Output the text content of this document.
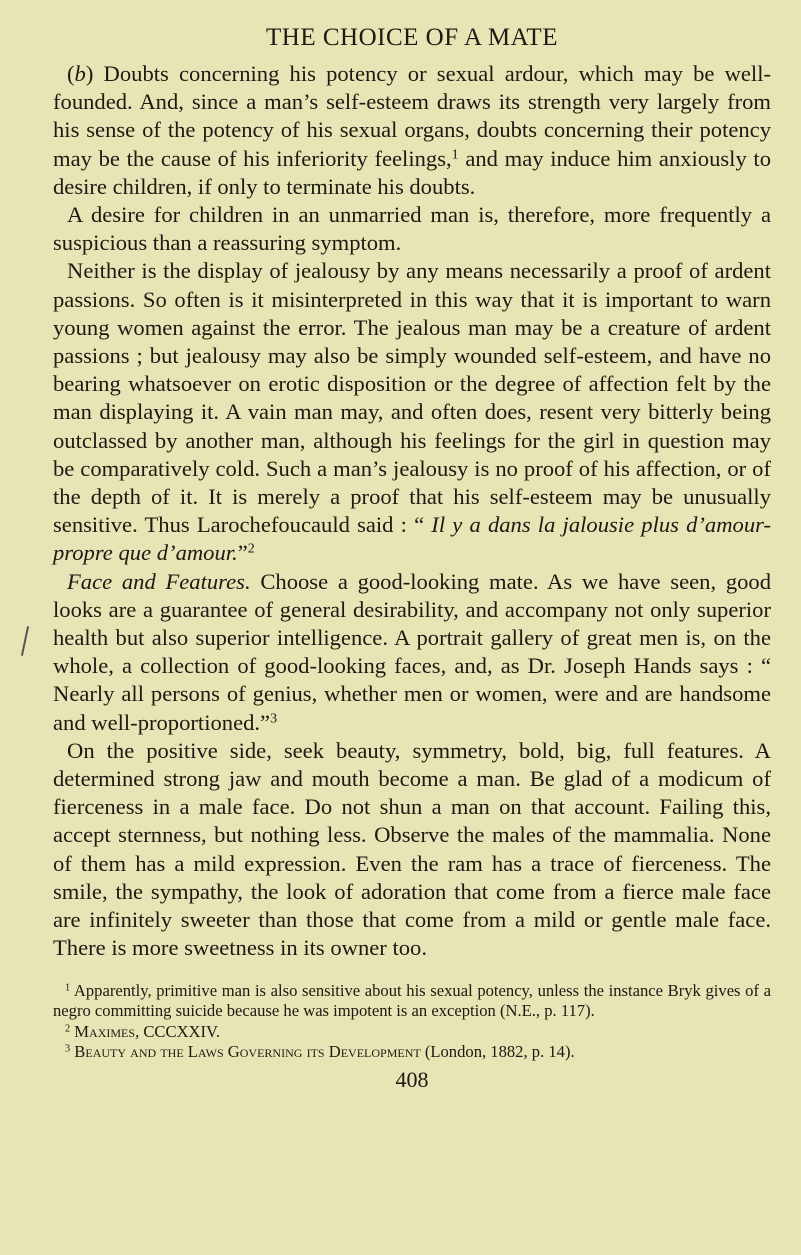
THE CHOICE OF A MATE

(b) Doubts concerning his potency or sexual ardour, which may be well-founded. And, since a man’s self-esteem draws its strength very largely from his sense of the potency of his sexual organs, doubts concerning their potency may be the cause of his inferiority feelings,$^1$ and may induce him anxiously to desire children, if only to terminate his doubts.

A desire for children in an unmarried man is, therefore, more frequently a suspicious than a reassuring symptom.

Neither is the display of jealousy by any means necessarily a proof of ardent passions. So often is it misinterpreted in this way that it is important to warn young women against the error. The jealous man may be a creature of ardent passions ; but jealousy may also be simply wounded self-esteem, and have no bearing whatsoever on erotic disposition or the degree of affection felt by the man displaying it. A vain man may, and often does, resent very bitterly being outclassed by another man, although his feelings for the girl in question may be comparatively cold. Such a man’s jealousy is no proof of his affection, or of the depth of it. It is merely a proof that his self-esteem may be unusually sensitive. Thus Larochefoucauld said : “ Il y a dans la jalousie plus d’amour-propre que d’amour.”$^2$

Face and Features. Choose a good-looking mate. As we have seen, good looks are a guarantee of general desirability, and accompany not only superior health but also superior intelligence. A portrait gallery of great men is, on the whole, a collection of good-looking faces, and, as Dr. Joseph Hands says : “ Nearly all persons of genius, whether men or women, were and are handsome and well-proportioned.”$^3$

On the positive side, seek beauty, symmetry, bold, big, full features. A determined strong jaw and mouth become a man. Be glad of a modicum of fierceness in a male face. Do not shun a man on that account. Failing this, accept sternness, but nothing less. Observe the males of the mammalia. None of them has a mild expression. Even the ram has a trace of fierceness. The smile, the sympathy, the look of adoration that come from a fierce male face are infinitely sweeter than those that come from a mild or gentle male face. There is more sweetness in its owner too.

$^1$ Apparently, primitive man is also sensitive about his sexual potency, unless the instance Bryk gives of a negro committing suicide because he was impotent is an exception (N.E., p. 117).

$^2$ Maximes, CCCXXIV.

$^3$ Beauty and the Laws Governing its Development (London, 1882, p. 14).

408
